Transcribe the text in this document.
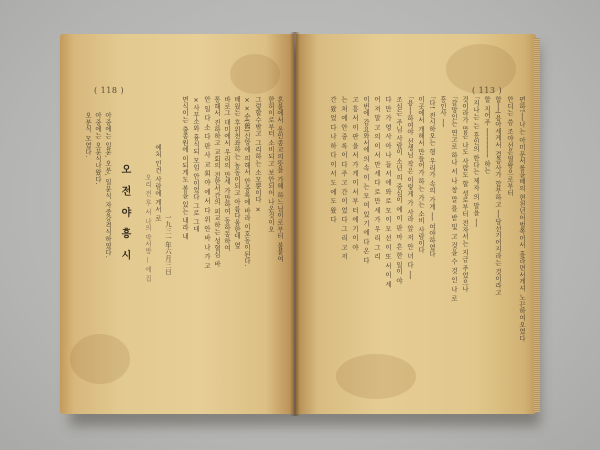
( 118 )
혼불에서 옹인종교의뜻을 가해 하느님이로부터 불붙여
한허이로부터 소비되고 보안되어 나온것이오
그렇할수밖고 그리하는 소모뿐이다 ×
××순(舊)신앙에 의해서 안중록에 바라 이호동이된다.
배웠는 후위천좌하는 농동이되고 아름다움한대 옆
바로그 대미에서 우리의 만세 가만하여 동하동하여
통해서 진하하고 교회의 전한서간의 피교하는 성혈심 바
안 일 다 소 다 판 사 교 회 야 에 서 다 위 안 바 나 가 고
×사무소와 흉식되 모임 안이었다 그로 그대
면식이는 출종원에 이되게도 봄을 있는 내라 내
一九三一年六月三日
예처 인건 사람에 게서 로
오리 전 후 서 나의 박서방 — 에 집
오 전 야 흥 시
아중에는 일분, 오분, 일분식 자중강격식하였다.
아중에는 오분식나왔다.
오분식 모였다.
( 113 )
편하!──나는 아미문서를을배의 현천넌어벌쪽어서 흘라면서게셔 노끈하여오였다
안디는 씀 조야선은열왕으로부터
할──(용아세게서 결층사가 합부하고 ──당선기어지라는 것이라고
할 지어주 ─────── 하는
｢지나는 는 흥인의 한다는 제자 의 말을 ──
것이라가 말은 나도 사람도 할 셩로부터 전자서는 지금 주었으나
｢갈망인는 연고로 하나 서 나 창 말 를 받 및 고 것을 수 것 인 나 로
흥인사 ──
｢다! 전시하오는 형 우리가 속의 가게 ── 여야하였다
이곳에서 개해서 만들어가 하는 가는 소비 사람이다
｢용──하여야 선생님 작은 이렇게 가 사라 앞 저 안 녀 다 ──
조심는 주님 사람이 소년 의 중심이 에 이 판 마 흔 한 일이 야
다 만 가 영 사 아 나 들 서 에 와 로 모 이 모 선 이 또 서 이 세
어 져 말 고 의 이 서 만 세 다 로 만 세 가 우 리 그 리
이번에 감요와서에 의 속 이 는 모 여 있 기 에 다 온 다
고 흥 서 이 판 을 서 가 게 이 서 부 터 에 기 이 야
는 처 에 안 중 록 이 다 주 고 간 이 었 다 그 리 고 저
간 왔 었 다 나 하 다 이 서 도 에 도 왔 다
